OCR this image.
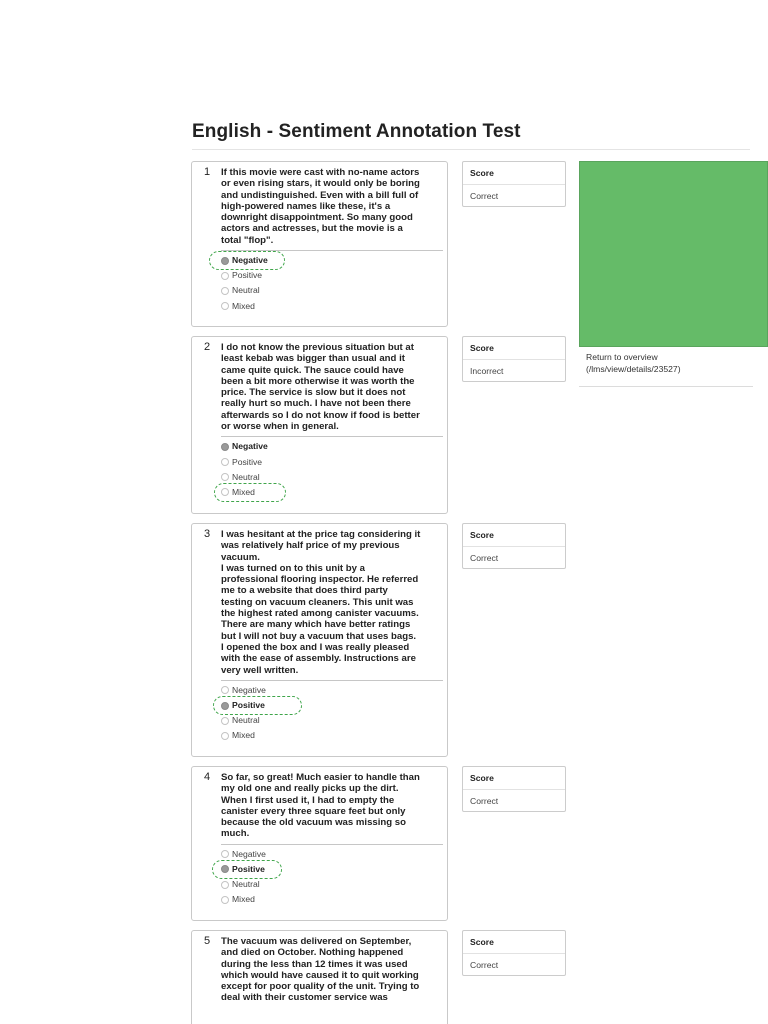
English - Sentiment Annotation Test
1 If this movie were cast with no-name actors
or even rising stars, it would only be boring
and undistinguished. Even with a bill full of
high-powered names like these, it's a
downright disappointment. So many good
actors and actresses, but the movie is a
total "flop".
Negative
Positive
Neutral
Mixed
Score
Correct
2 I do not know the previous situation but at
least kebab was bigger than usual and it
came quite quick. The sauce could have
been a bit more otherwise it was worth the
price. The service is slow but it does not
really hurt so much. I have not been there
afterwards so I do not know if food is better
or worse when in general.
Negative
Positive
Neutral
Mixed
Score
Incorrect
3 I was hesitant at the price tag considering it
was relatively half price of my previous
vacuum.
I was turned on to this unit by a
professional flooring inspector. He referred
me to a website that does third party
testing on vacuum cleaners. This unit was
the highest rated among canister vacuums.
There are many which have better ratings
but I will not buy a vacuum that uses bags.
I opened the box and I was really pleased
with the ease of assembly. Instructions are
very well written.
Negative
Positive
Neutral
Mixed
Score
Correct
4 So far, so great! Much easier to handle than
my old one and really picks up the dirt.
When I first used it, I had to empty the
canister every three square feet but only
because the old vacuum was missing so
much.
Negative
Positive
Neutral
Mixed
Score
Correct
5 The vacuum was delivered on September,
and died on October. Nothing happened
during the less than 12 times it was used
which would have caused it to quit working
except for poor quality of the unit. Trying to
deal with their customer service was
Score
Correct
Return to overview
(/lms/view/details/23527)
